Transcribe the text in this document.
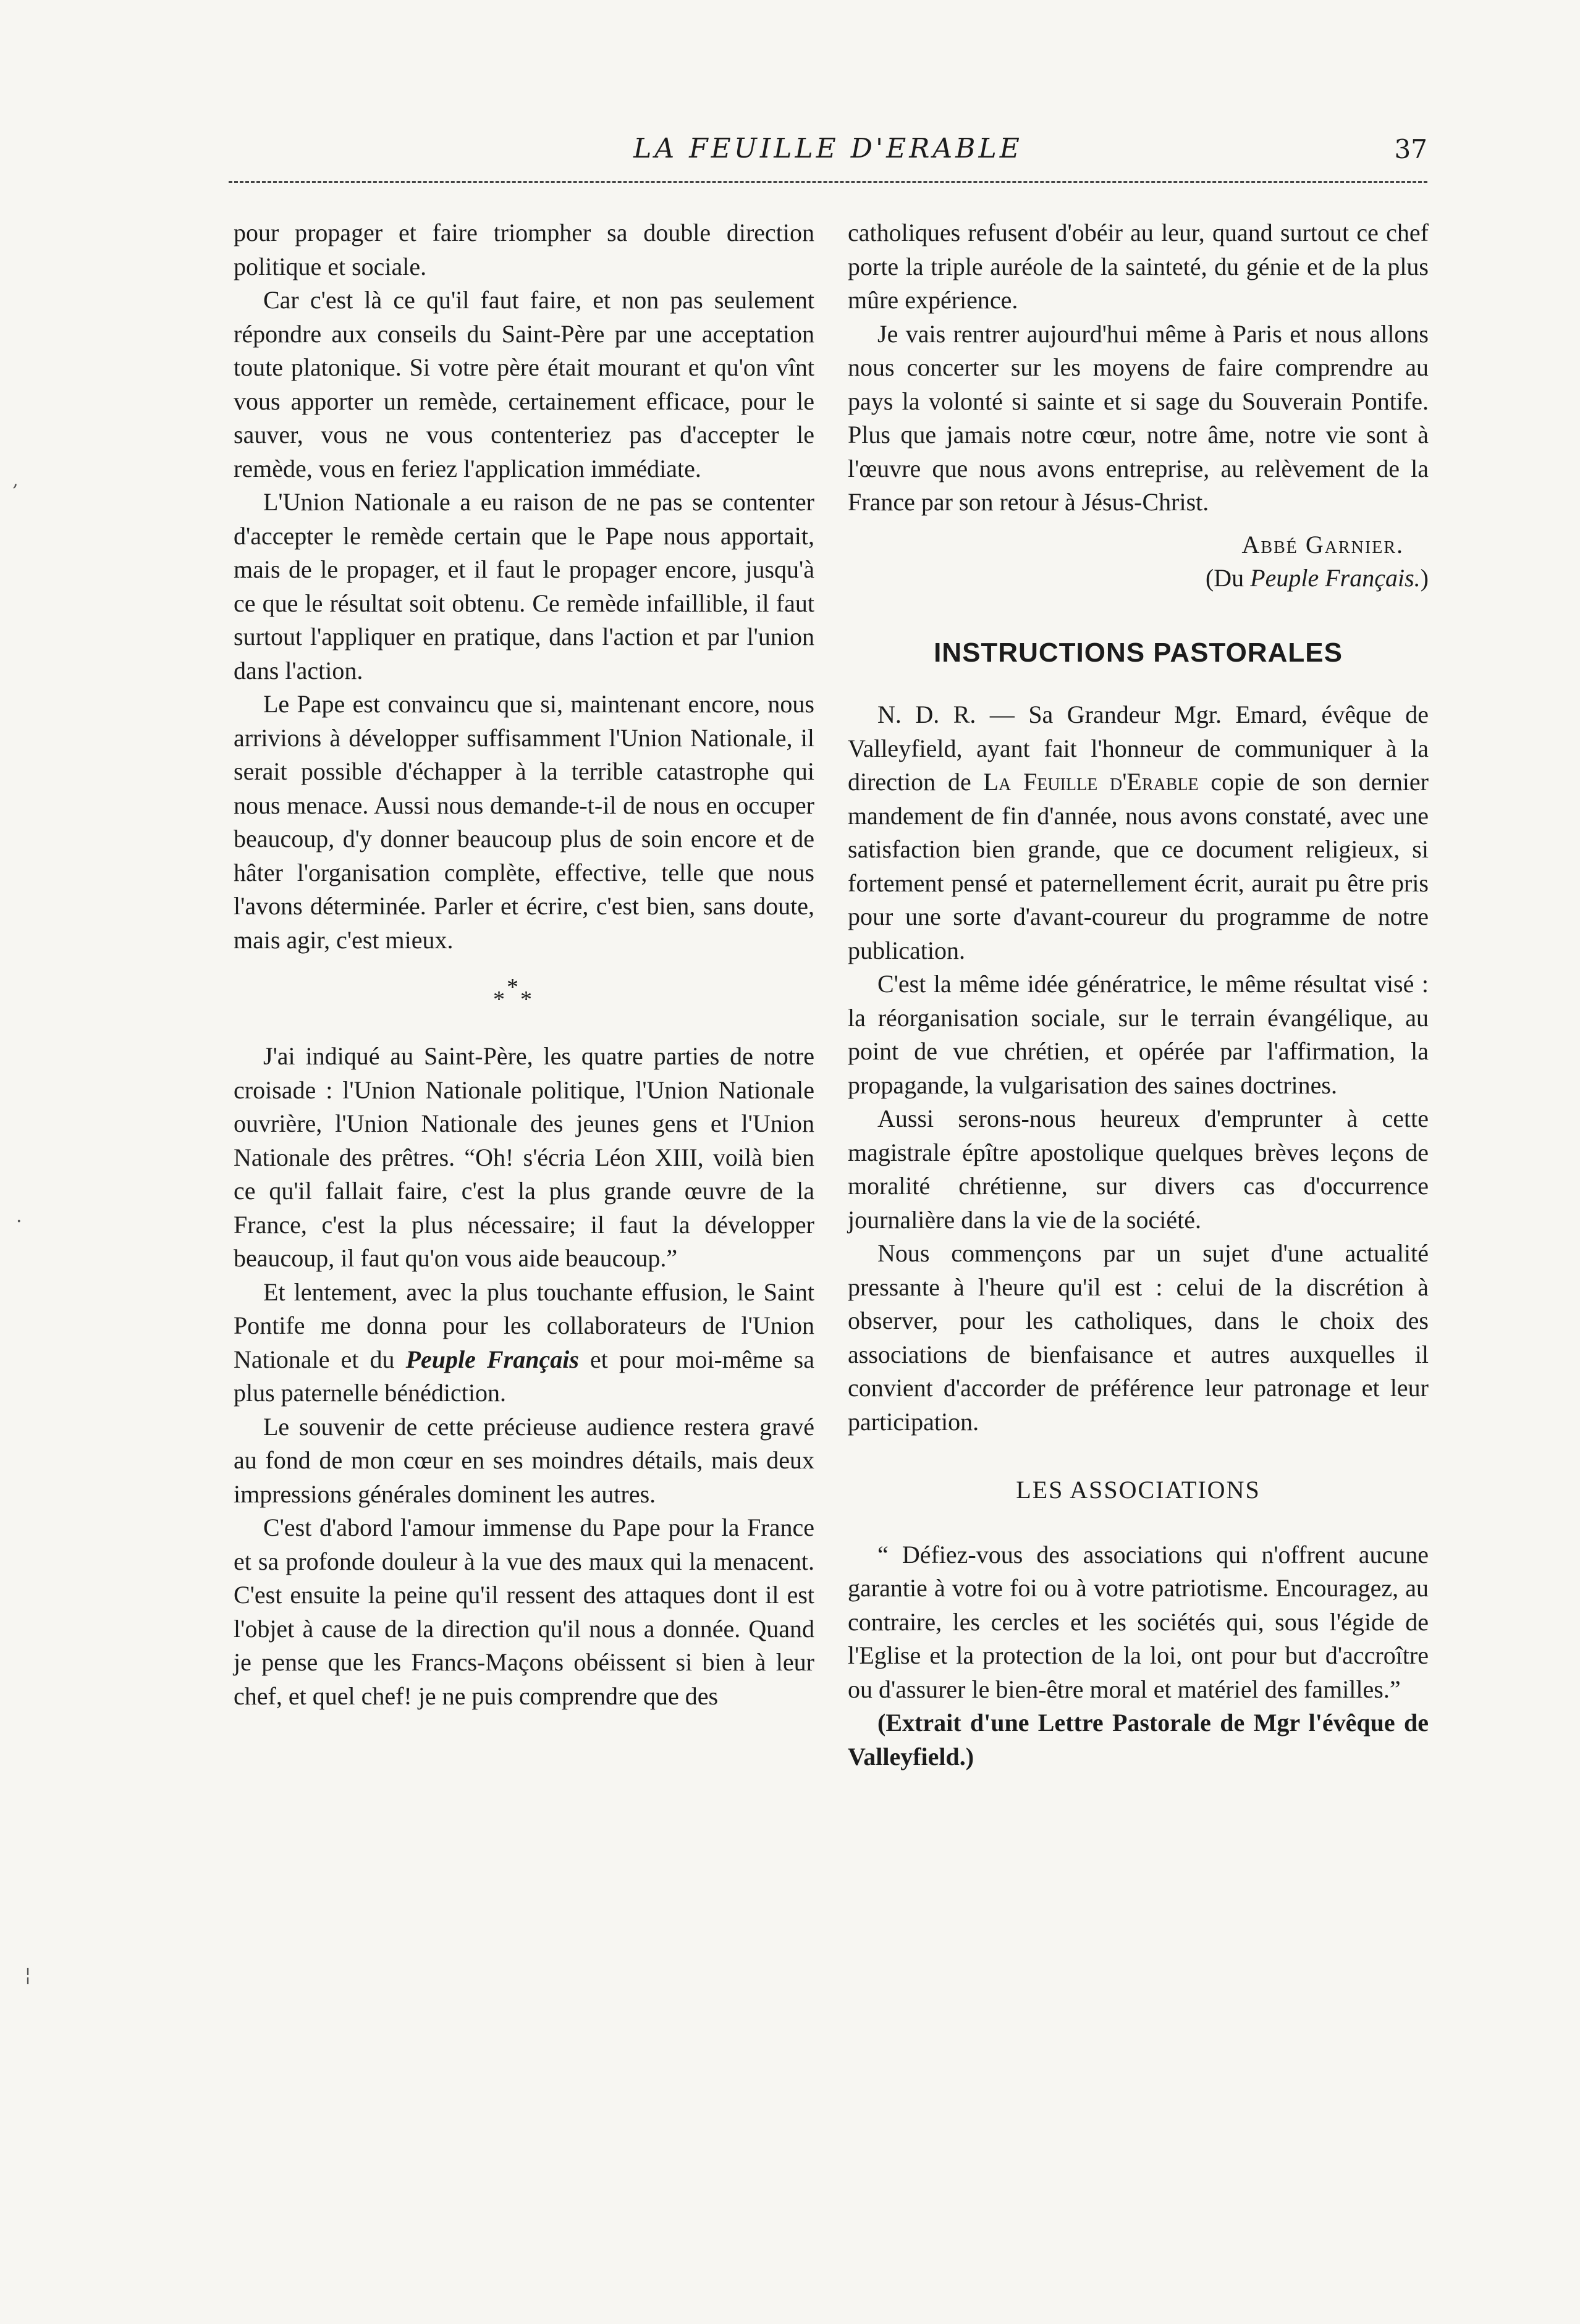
LA FEUILLE D'ERABLE	37

pour propager et faire triompher sa double direction politique et sociale.

Car c'est là ce qu'il faut faire, et non pas seulement répondre aux conseils du Saint-Père par une acceptation toute platonique. Si votre père était mourant et qu'on vînt vous apporter un remède, certainement efficace, pour le sauver, vous ne vous contenteriez pas d'accepter le remède, vous en feriez l'application immédiate.

L'Union Nationale a eu raison de ne pas se contenter d'accepter le remède certain que le Pape nous apportait, mais de le propager, et il faut le propager encore, jusqu'à ce que le résultat soit obtenu. Ce remède infaillible, il faut surtout l'appliquer en pratique, dans l'action et par l'union dans l'action.

Le Pape est convaincu que si, maintenant encore, nous arrivions à développer suffisamment l'Union Nationale, il serait possible d'échapper à la terrible catastrophe qui nous menace. Aussi nous demande-t-il de nous en occuper beaucoup, d'y donner beaucoup plus de soin encore et de hâter l'organisation complète, effective, telle que nous l'avons déterminée. Parler et écrire, c'est bien, sans doute, mais agir, c'est mieux.

*
* *

J'ai indiqué au Saint-Père, les quatre parties de notre croisade : l'Union Nationale politique, l'Union Nationale ouvrière, l'Union Nationale des jeunes gens et l'Union Nationale des prêtres. “Oh! s'écria Léon XIII, voilà bien ce qu'il fallait faire, c'est la plus grande œuvre de la France, c'est la plus nécessaire; il faut la développer beaucoup, il faut qu'on vous aide beaucoup.”

Et lentement, avec la plus touchante effusion, le Saint Pontife me donna pour les collaborateurs de l'Union Nationale et du Peuple Français et pour moi-même sa plus paternelle bénédiction.

Le souvenir de cette précieuse audience restera gravé au fond de mon cœur en ses moindres détails, mais deux impressions générales dominent les autres.

C'est d'abord l'amour immense du Pape pour la France et sa profonde douleur à la vue des maux qui la menacent. C'est ensuite la peine qu'il ressent des attaques dont il est l'objet à cause de la direction qu'il nous a donnée. Quand je pense que les Francs-Maçons obéissent si bien à leur chef, et quel chef! je ne puis comprendre que des

catholiques refusent d'obéir au leur, quand surtout ce chef porte la triple auréole de la sainteté, du génie et de la plus mûre expérience.

Je vais rentrer aujourd'hui même à Paris et nous allons nous concerter sur les moyens de faire comprendre au pays la volonté si sainte et si sage du Souverain Pontife. Plus que jamais notre cœur, notre âme, notre vie sont à l'œuvre que nous avons entreprise, au relèvement de la France par son retour à Jésus-Christ.

Abbé Garnier.
(Du Peuple Français.)
INSTRUCTIONS PASTORALES

N. D. R. — Sa Grandeur Mgr. Emard, évêque de Valleyfield, ayant fait l'honneur de communiquer à la direction de La Feuille d'Erable copie de son dernier mandement de fin d'année, nous avons constaté, avec une satisfaction bien grande, que ce document religieux, si fortement pensé et paternellement écrit, aurait pu être pris pour une sorte d'avant-coureur du programme de notre publication.

C'est la même idée génératrice, le même résultat visé : la réorganisation sociale, sur le terrain évangélique, au point de vue chrétien, et opérée par l'affirmation, la propagande, la vulgarisation des saines doctrines.

Aussi serons-nous heureux d'emprunter à cette magistrale épître apostolique quelques brèves leçons de moralité chrétienne, sur divers cas d'occurrence journalière dans la vie de la société.

Nous commençons par un sujet d'une actualité pressante à l'heure qu'il est : celui de la discrétion à observer, pour les catholiques, dans le choix des associations de bienfaisance et autres auxquelles il convient d'accorder de préférence leur patronage et leur participation.

LES ASSOCIATIONS

“ Défiez-vous des associations qui n'offrent aucune garantie à votre foi ou à votre patriotisme. Encouragez, au contraire, les cercles et les sociétés qui, sous l'égide de l'Eglise et la protection de la loi, ont pour but d'accroître ou d'assurer le bien-être moral et matériel des familles.”

(Extrait d'une Lettre Pastorale de Mgr l'évêque de Valleyfield.)

‚
·
¦
